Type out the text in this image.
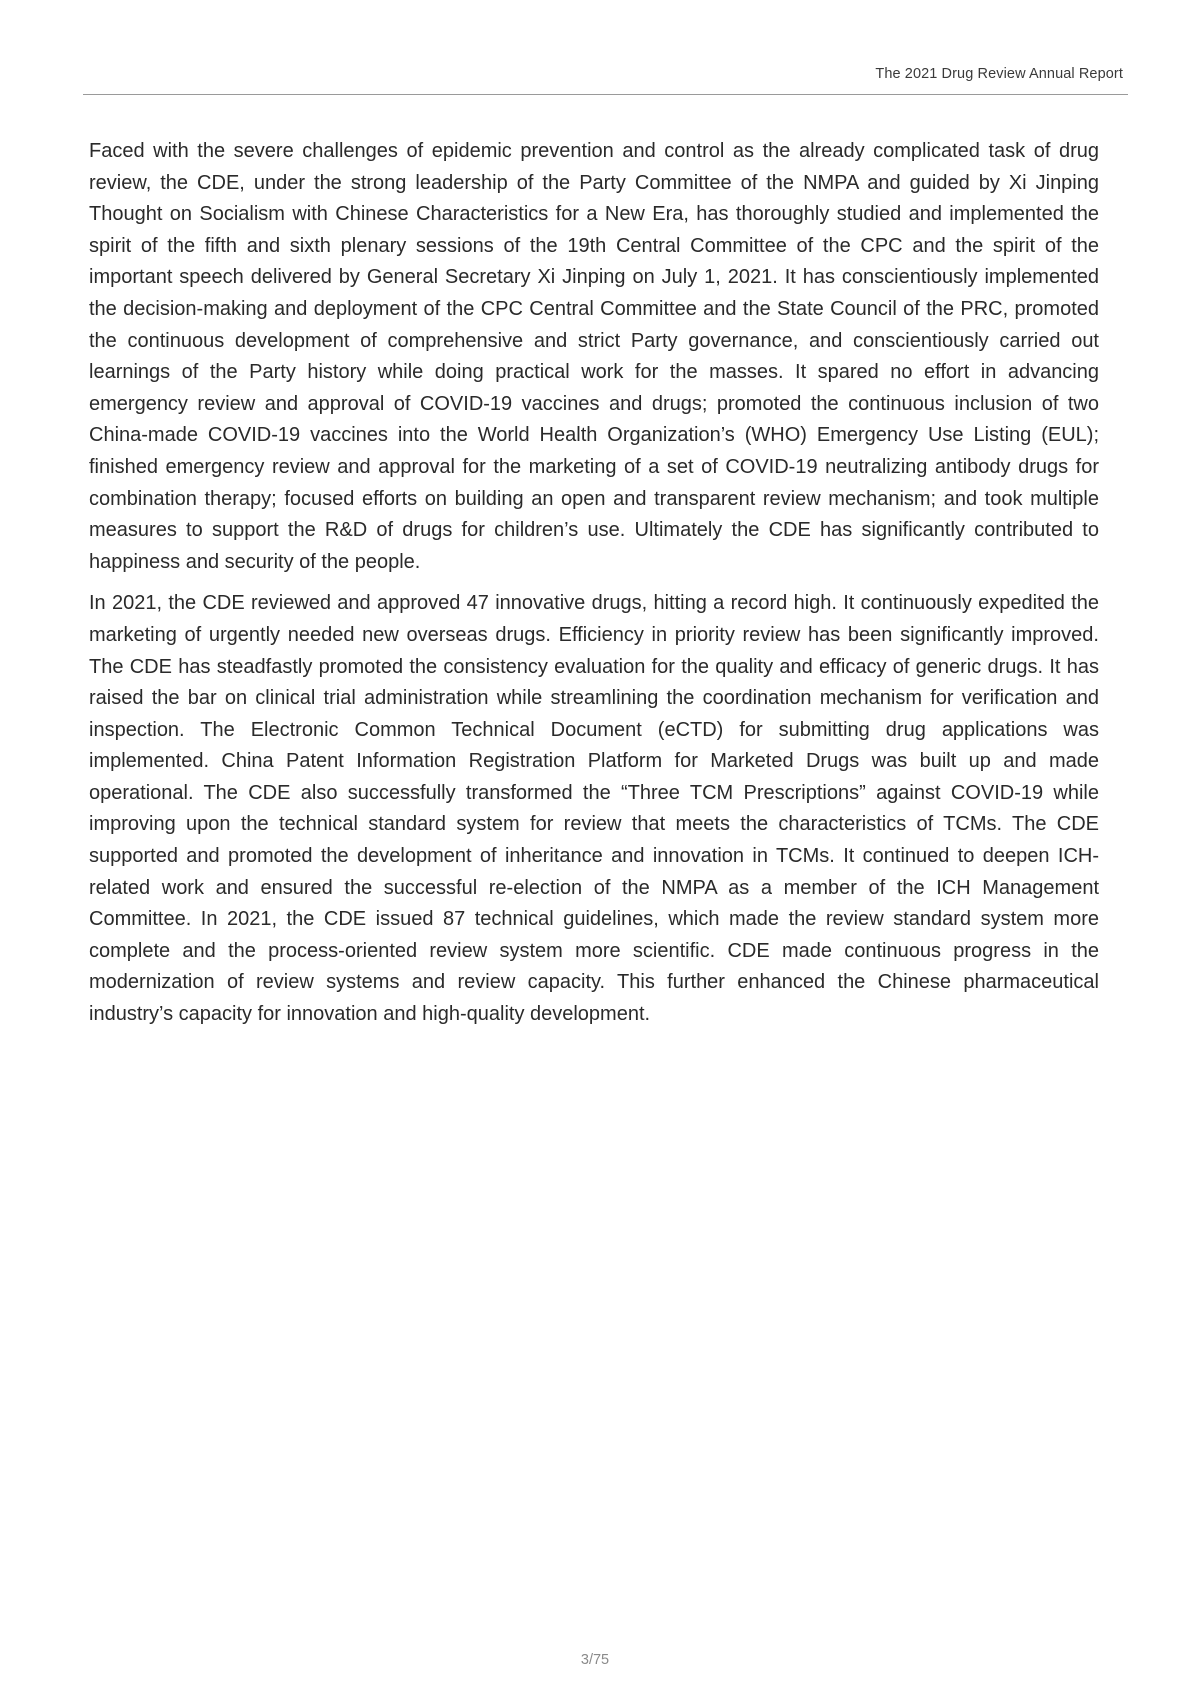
The 2021 Drug Review Annual Report

Faced with the severe challenges of epidemic prevention and control as the already complicated task of drug review, the CDE, under the strong leadership of the Party Committee of the NMPA and guided by Xi Jinping Thought on Socialism with Chinese Characteristics for a New Era, has thoroughly studied and implemented the spirit of the fifth and sixth plenary sessions of the 19th Central Committee of the CPC and the spirit of the important speech delivered by General Secretary Xi Jinping on July 1, 2021. It has conscientiously implemented the decision-making and deployment of the CPC Central Committee and the State Council of the PRC, promoted the continuous development of comprehensive and strict Party governance, and conscientiously carried out learnings of the Party history while doing practical work for the masses. It spared no effort in advancing emergency review and approval of COVID-19 vaccines and drugs; promoted the continuous inclusion of two China-made COVID-19 vaccines into the World Health Organization’s (WHO) Emergency Use Listing (EUL); finished emergency review and approval for the marketing of a set of COVID-19 neutralizing antibody drugs for combination therapy; focused efforts on building an open and transparent review mechanism; and took multiple measures to support the R&D of drugs for children’s use. Ultimately the CDE has significantly contributed to happiness and security of the people.

In 2021, the CDE reviewed and approved 47 innovative drugs, hitting a record high. It continuously expedited the marketing of urgently needed new overseas drugs. Efficiency in priority review has been significantly improved. The CDE has steadfastly promoted the consistency evaluation for the quality and efficacy of generic drugs. It has raised the bar on clinical trial administration while streamlining the coordination mechanism for verification and inspection. The Electronic Common Technical Document (eCTD) for submitting drug applications was implemented. China Patent Information Registration Platform for Marketed Drugs was built up and made operational. The CDE also successfully transformed the “Three TCM Prescriptions” against COVID-19 while improving upon the technical standard system for review that meets the characteristics of TCMs. The CDE supported and promoted the development of inheritance and innovation in TCMs. It continued to deepen ICH-related work and ensured the successful re-election of the NMPA as a member of the ICH Management Committee. In 2021, the CDE issued 87 technical guidelines, which made the review standard system more complete and the process-oriented review system more scientific. CDE made continuous progress in the modernization of review systems and review capacity. This further enhanced the Chinese pharmaceutical industry’s capacity for innovation and high-quality development.

3/75
